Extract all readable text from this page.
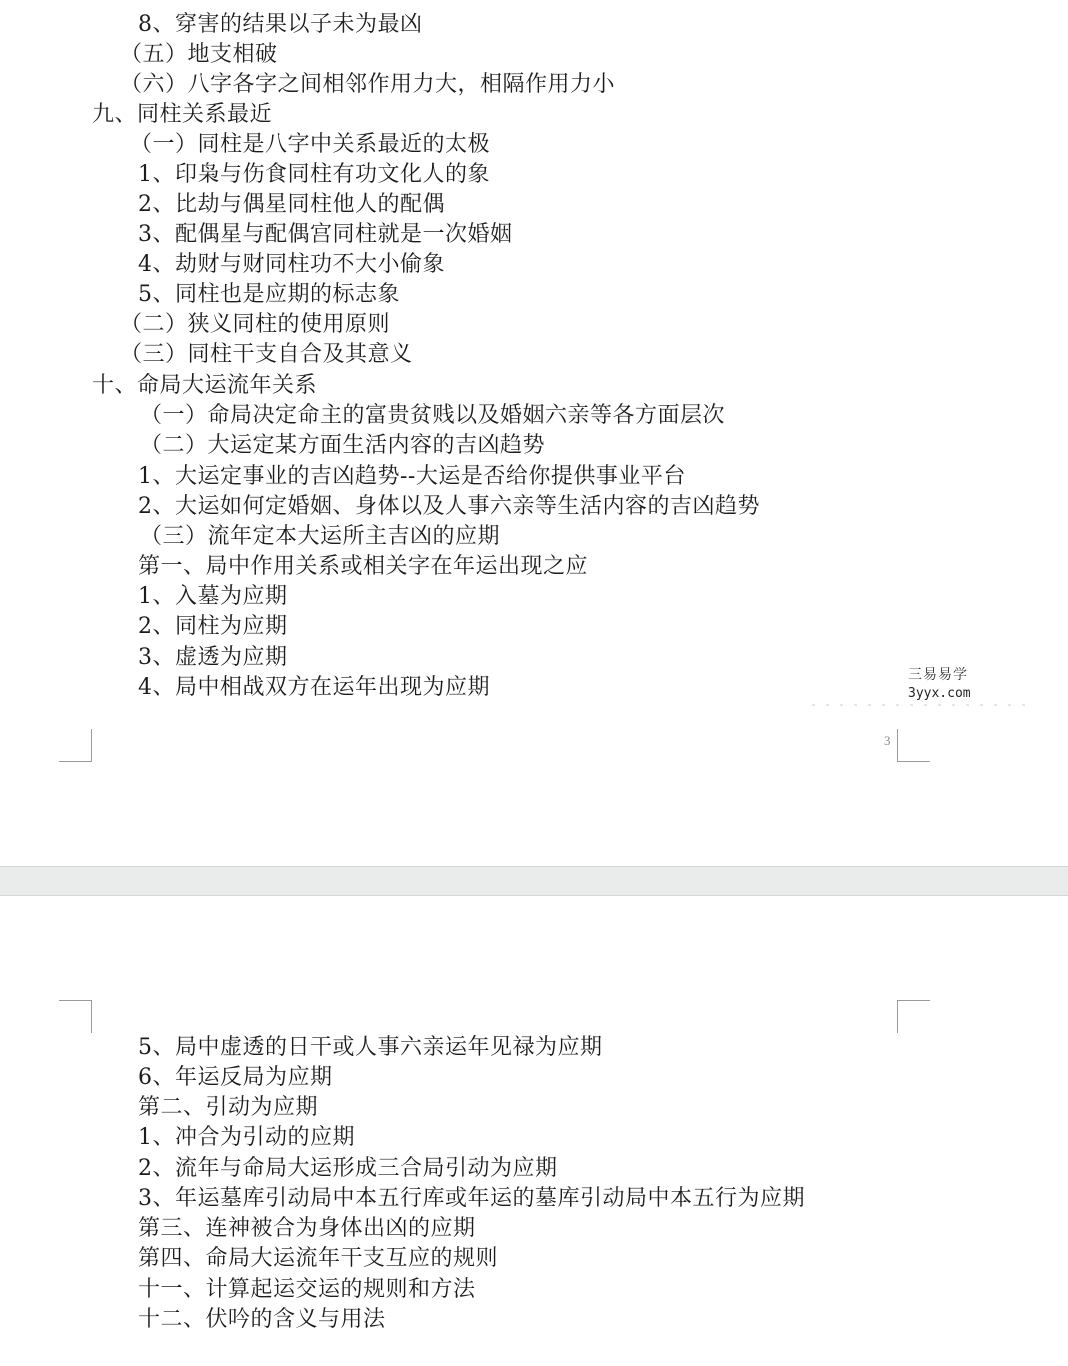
8、穿害的结果以子未为最凶
（五）地支相破
（六）八字各字之间相邻作用力大，相隔作用力小
九、同柱关系最近
（一）同柱是八字中关系最近的太极
1、印枭与伤食同柱有功文化人的象
2、比劫与偶星同柱他人的配偶
3、配偶星与配偶宫同柱就是一次婚姻
4、劫财与财同柱功不大小偷象
5、同柱也是应期的标志象
（二）狭义同柱的使用原则
（三）同柱干支自合及其意义
十、命局大运流年关系
（一）命局决定命主的富贵贫贱以及婚姻六亲等各方面层次
（二）大运定某方面生活内容的吉凶趋势
1、大运定事业的吉凶趋势--大运是否给你提供事业平台
2、大运如何定婚姻、身体以及人事六亲等生活内容的吉凶趋势
（三）流年定本大运所主吉凶的应期
第一、局中作用关系或相关字在年运出现之应
1、入墓为应期
2、同柱为应期
3、虚透为应期
4、局中相战双方在运年出现为应期	三易易学
3yyx.com
3
5、局中虚透的日干或人事六亲运年见禄为应期
6、年运反局为应期
第二、引动为应期
1、冲合为引动的应期
2、流年与命局大运形成三合局引动为应期
3、年运墓库引动局中本五行库或年运的墓库引动局中本五行为应期
第三、连神被合为身体出凶的应期
第四、命局大运流年干支互应的规则
十一、计算起运交运的规则和方法
十二、伏吟的含义与用法
